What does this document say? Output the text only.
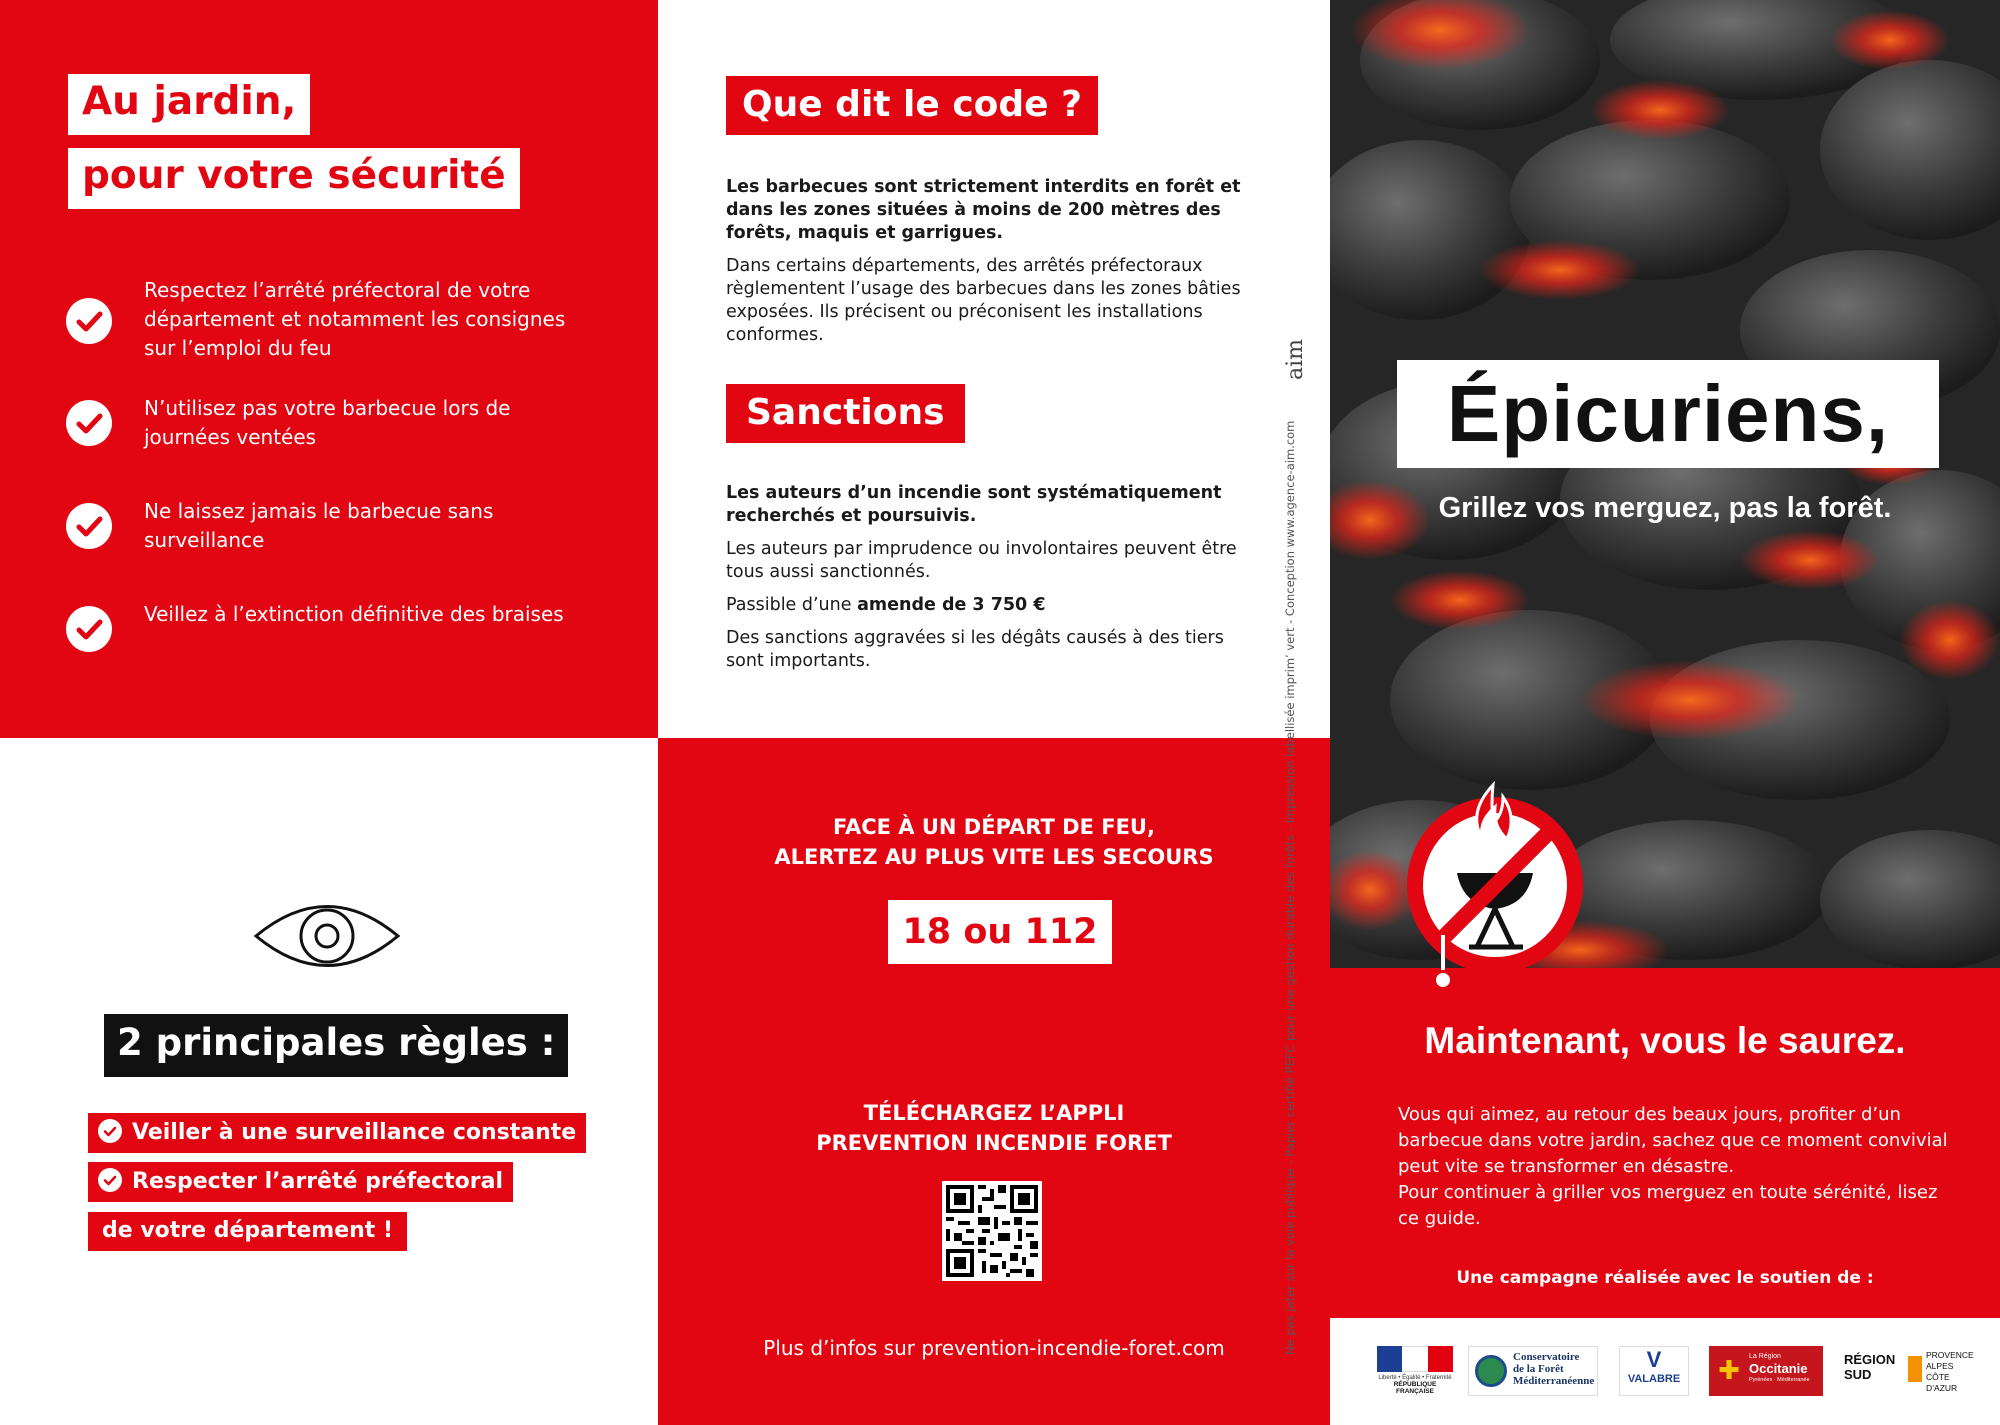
Au jardin,
pour votre sécurité
Respectez l’arrêté préfectoral de votre département et notamment les consignes sur l’emploi du feu
N’utilisez pas votre barbecue lors de journées ventées
Ne laissez jamais le barbecue sans surveillance
Veillez à l’extinction définitive des braises
Que dit le code ?

Les barbecues sont strictement interdits en forêt et dans les zones situées à moins de 200 mètres des forêts, maquis et garrigues.

Dans certains départements, des arrêtés préfectoraux règlementent l’usage des barbecues dans les zones bâties exposées. Ils précisent ou préconisent les installations conformes.

Sanctions

Les auteurs d’un incendie sont systématiquement recherchés et poursuivis.

Les auteurs par imprudence ou involontaires peuvent être tous aussi sanctionnés.

Passible d’une amende de 3 750 €

Des sanctions aggravées si les dégâts causés à des tiers sont importants.

2 principales règles :
Veiller à une surveillance constante
Respecter l’arrêté préfectoral
de votre département !
FACE À UN DÉPART DE FEU,
ALERTEZ AU PLUS VITE LES SECOURS
18 ou 112
TÉLÉCHARGEZ L’APPLI
PREVENTION INCENDIE FORET
Plus d’infos sur prevention-incendie-foret.com	Ne pas jeter sur la voie publique - Papier certifié PEFC pour une gestion durable des forêts - Impression labellisée imprim’ vert - Conception www.agence-aim.com
aim
Épicuriens,
Grillez vos merguez, pas la forêt.
Maintenant, vous le saurez.
Vous qui aimez, au retour des beaux jours, profiter d’un barbecue dans votre jardin, sachez que ce moment convivial peut vite se transformer en désastre.
Pour continuer à griller vos merguez en toute sérénité, lisez ce guide.
Une campagne réalisée avec le soutien de :
Liberté • Égalité • Fraternité
RÉPUBLIQUE FRANÇAISE
Conservatoire
de la Forêt
Méditerranéenne
V
VALABRE	✚	La Région
Occitanie
Pyrénées · Méditerranée
RÉGION
SUD
PROVENCE
ALPES
CÔTE D’AZUR
